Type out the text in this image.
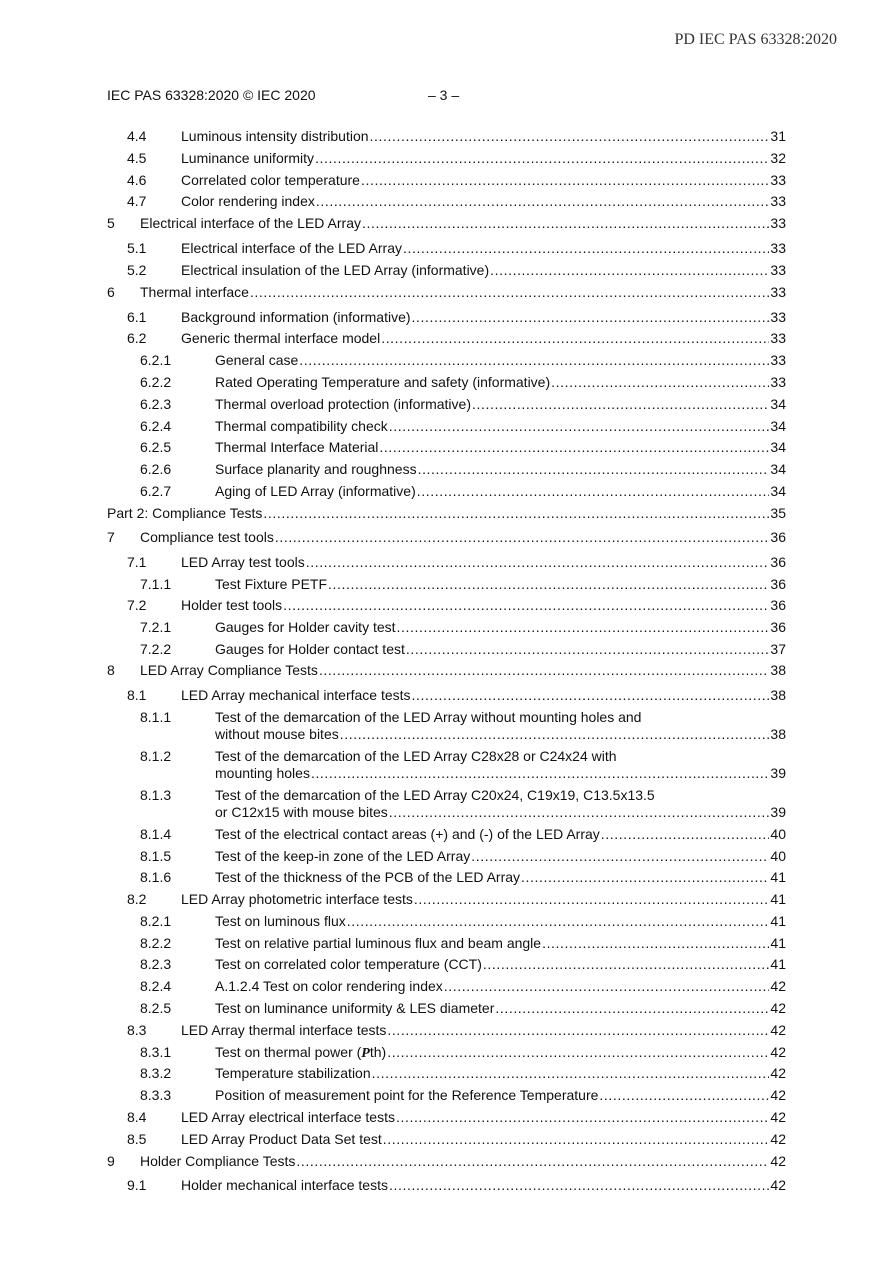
PD IEC PAS 63328:2020
IEC PAS 63328:2020 © IEC 2020	– 3 –
4.4 Luminous intensity distribution .....	31
4.5 Luminance uniformity .....	32
4.6 Correlated color temperature .....	33
4.7 Color rendering index .....	33
5 Electrical interface of the LED Array .....	33
5.1 Electrical interface of the LED Array .....	33
5.2 Electrical insulation of the LED Array (informative) .....	33
6 Thermal interface .....	33
6.1 Background information (informative) .....	33
6.2 Generic thermal interface model .....	33
6.2.1	General case .....	33
6.2.2	Rated Operating Temperature and safety (informative) .....	33
6.2.3	Thermal overload protection (informative) .....	34
6.2.4	Thermal compatibility check .....	34
6.2.5	Thermal Interface Material .....	34
6.2.6	Surface planarity and roughness .....	34
6.2.7	Aging of LED Array (informative) .....	34
Part 2: Compliance Tests .....	35
7 Compliance test tools .....	36
7.1 LED Array test tools .....	36
7.1.1	Test Fixture PETF .....	36
7.2 Holder test tools .....	36
7.2.1	Gauges for Holder cavity test .....	36
7.2.2	Gauges for Holder contact test .....	37
8 LED Array Compliance Tests .....	38
8.1 LED Array mechanical interface tests .....	38
8.1.1	Test of the demarcation of the LED Array without mounting holes and
without mouse bites .....	38
8.1.2	Test of the demarcation of the LED Array C28x28 or C24x24 with
mounting holes .....	39
8.1.3	Test of the demarcation of the LED Array C20x24, C19x19, C13.5x13.5
or C12x15 with mouse bites .....	39
8.1.4	Test of the electrical contact areas (+) and (-) of the LED Array .....	40
8.1.5	Test of the keep-in zone of the LED Array .....	40
8.1.6	Test of the thickness of the PCB of the LED Array .....	41
8.2 LED Array photometric interface tests .....	41
8.2.1	Test on luminous flux .....	41
8.2.2	Test on relative partial luminous flux and beam angle .....	41
8.2.3	Test on correlated color temperature (CCT) .....	41
8.2.4	A.1.2.4 Test on color rendering index .....	42
8.2.5	Test on luminance uniformity & LES diameter .....	42
8.3 LED Array thermal interface tests .....	42
8.3.1	Test on thermal power (Pth) .....	42
8.3.2	Temperature stabilization .....	42
8.3.3	Position of measurement point for the Reference Temperature .....	42
8.4 LED Array electrical interface tests .....	42
8.5 LED Array Product Data Set test .....	42
9 Holder Compliance Tests .....	42
9.1 Holder mechanical interface tests .....	42
